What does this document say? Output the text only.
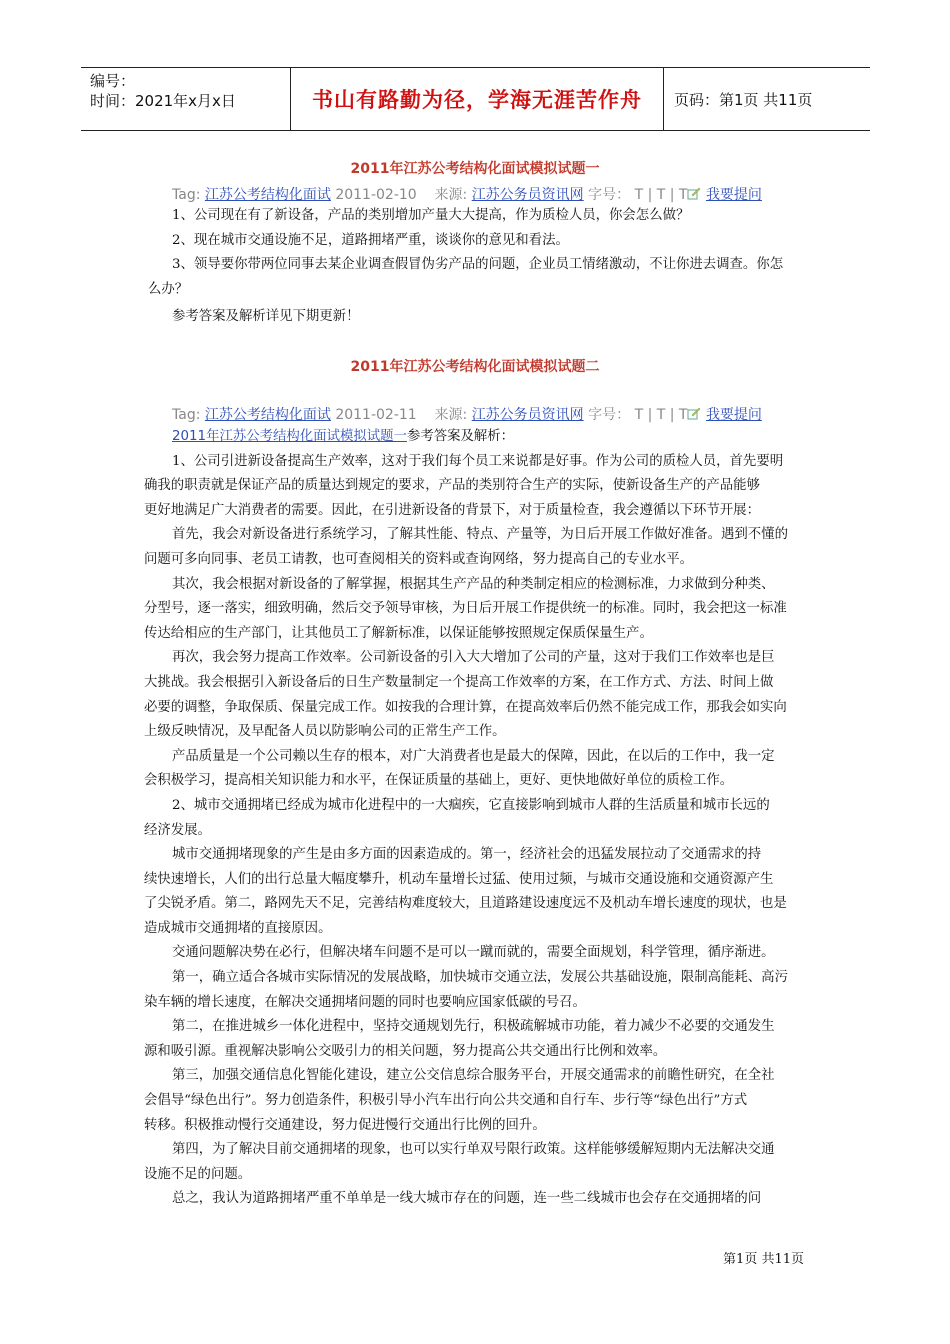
编号：
时间：2021年x月x日	书山有路勤为径，学海无涯苦作舟	页码：第1页 共11页
2011年江苏公考结构化面试模拟试题一
Tag: 江苏公考结构化面试 2011-02-10 来源: 江苏公务员资讯网 字号： T | T | T 我要提问

1、公司现在有了新设备，产品的类别增加产量大大提高，作为质检人员，你会怎么做？

2、现在城市交通设施不足，道路拥堵严重，谈谈你的意见和看法。

3、领导要你带两位同事去某企业调查假冒伪劣产品的问题，企业员工情绪激动，不让你进去调查。你怎

么办？

参考答案及解析详见下期更新！

2011年江苏公考结构化面试模拟试题二
Tag: 江苏公考结构化面试 2011-02-11 来源: 江苏公务员资讯网 字号： T | T | T 我要提问

2011年江苏公考结构化面试模拟试题一参考答案及解析：

1、公司引进新设备提高生产效率，这对于我们每个员工来说都是好事。作为公司的质检人员，首先要明

确我的职责就是保证产品的质量达到规定的要求，产品的类别符合生产的实际，使新设备生产的产品能够

更好地满足广大消费者的需要。因此，在引进新设备的背景下，对于质量检查，我会遵循以下环节开展：

首先，我会对新设备进行系统学习，了解其性能、特点、产量等，为日后开展工作做好准备。遇到不懂的

问题可多向同事、老员工请教，也可查阅相关的资料或查询网络，努力提高自己的专业水平。

其次，我会根据对新设备的了解掌握，根据其生产产品的种类制定相应的检测标准，力求做到分种类、

分型号，逐一落实，细致明确，然后交予领导审核，为日后开展工作提供统一的标准。同时，我会把这一标准

传达给相应的生产部门，让其他员工了解新标准，以保证能够按照规定保质保量生产。

再次，我会努力提高工作效率。公司新设备的引入大大增加了公司的产量，这对于我们工作效率也是巨

大挑战。我会根据引入新设备后的日生产数量制定一个提高工作效率的方案，在工作方式、方法、时间上做

必要的调整，争取保质、保量完成工作。如按我的合理计算，在提高效率后仍然不能完成工作，那我会如实向

上级反映情况，及早配备人员以防影响公司的正常生产工作。

产品质量是一个公司赖以生存的根本，对广大消费者也是最大的保障，因此，在以后的工作中，我一定

会积极学习，提高相关知识能力和水平，在保证质量的基础上，更好、更快地做好单位的质检工作。

2、城市交通拥堵已经成为城市化进程中的一大痼疾，它直接影响到城市人群的生活质量和城市长远的

经济发展。

城市交通拥堵现象的产生是由多方面的因素造成的。第一，经济社会的迅猛发展拉动了交通需求的持

续快速增长，人们的出行总量大幅度攀升，机动车量增长过猛、使用过频，与城市交通设施和交通资源产生

了尖锐矛盾。第二，路网先天不足，完善结构难度较大，且道路建设速度远不及机动车增长速度的现状，也是

造成城市交通拥堵的直接原因。

交通问题解决势在必行，但解决堵车问题不是可以一蹴而就的，需要全面规划，科学管理，循序渐进。

第一，确立适合各城市实际情况的发展战略，加快城市交通立法，发展公共基础设施，限制高能耗、高污

染车辆的增长速度，在解决交通拥堵问题的同时也要响应国家低碳的号召。

第二，在推进城乡一体化进程中，坚持交通规划先行，积极疏解城市功能，着力减少不必要的交通发生

源和吸引源。重视解决影响公交吸引力的相关问题，努力提高公共交通出行比例和效率。

第三，加强交通信息化智能化建设，建立公交信息综合服务平台，开展交通需求的前瞻性研究，在全社

会倡导“绿色出行”。努力创造条件，积极引导小汽车出行向公共交通和自行车、步行等“绿色出行”方式

转移。积极推动慢行交通建设，努力促进慢行交通出行比例的回升。

第四，为了解决目前交通拥堵的现象，也可以实行单双号限行政策。这样能够缓解短期内无法解决交通

设施不足的问题。

总之，我认为道路拥堵严重不单单是一线大城市存在的问题，连一些二线城市也会存在交通拥堵的问

第1页 共11页
